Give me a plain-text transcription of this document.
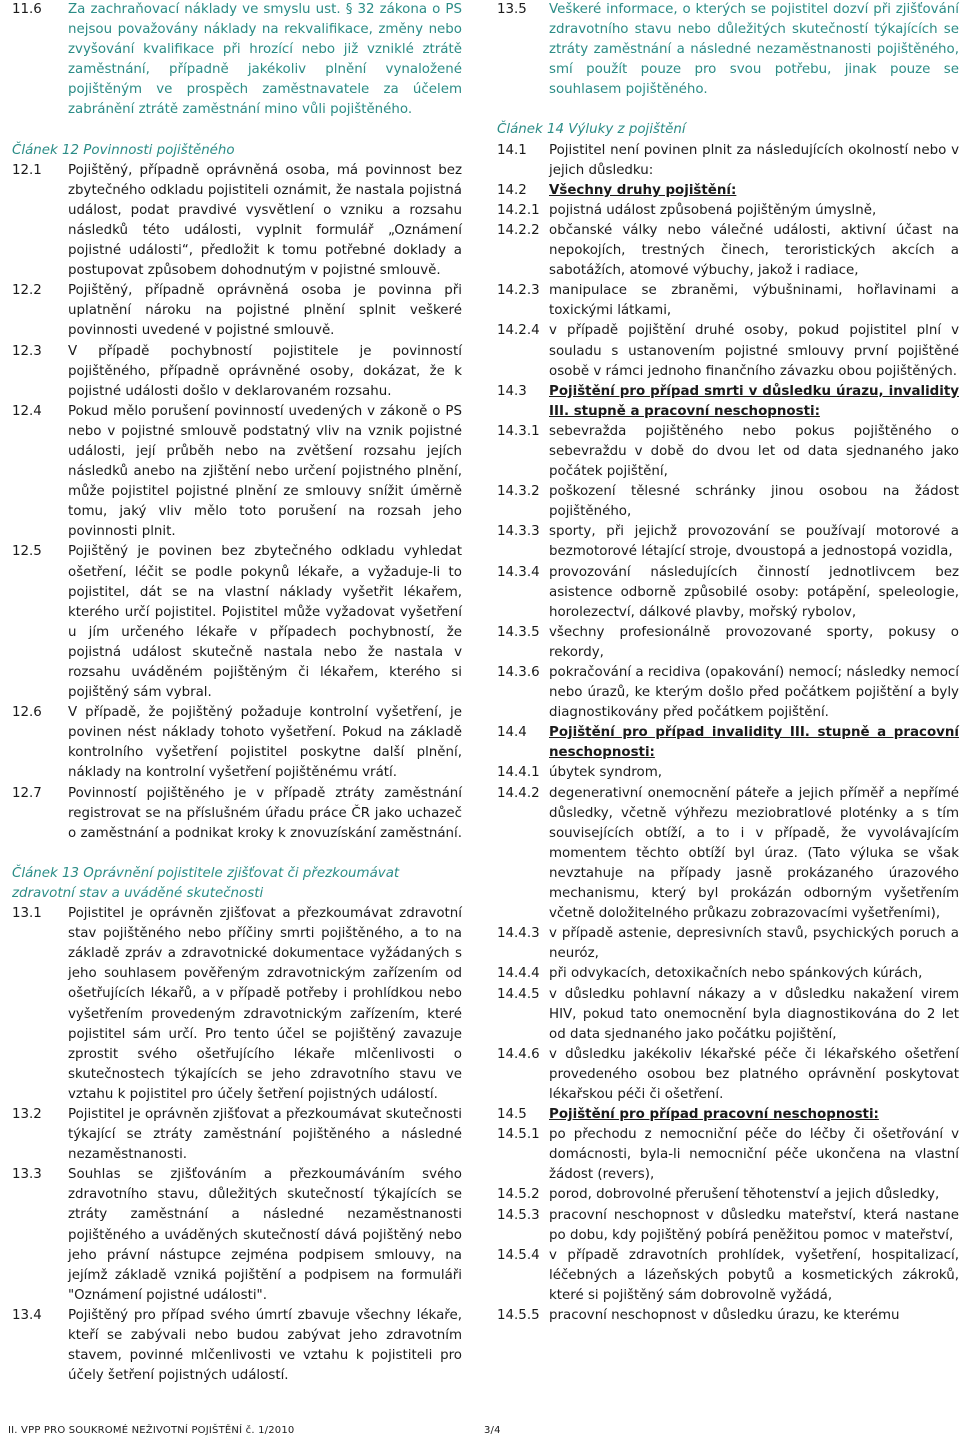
11.6	Za zachraňovací náklady ve smyslu ust. § 32 zákona o PS nejsou považovány náklady na rekvalifikace, změny nebo zvyšování kvalifikace při hrozící nebo již vzniklé ztrátě zaměstnání, případně jakékoliv plnění vynaložené pojištěným ve prospěch zaměstnavatele za účelem zabránění ztrátě zaměstnání mino vůli pojištěného.
Článek 12 Povinnosti pojištěného
12.1	Pojištěný, případně oprávněná osoba, má povinnost bez zbytečného odkladu pojistiteli oznámit, že nastala pojistná událost, podat pravdivé vysvětlení o vzniku a rozsahu následků této události, vyplnit formulář „Oznámení pojistné události“, předložit k tomu potřebné doklady a postupovat způsobem dohodnutým v pojistné smlouvě.
12.2	Pojištěný, případně oprávněná osoba je povinna při uplatnění nároku na pojistné plnění splnit veškeré povinnosti uvedené v pojistné smlouvě.
12.3	V případě pochybností pojistitele je povinností pojištěného, případně oprávněné osoby, dokázat, že k pojistné události došlo v deklarovaném rozsahu.
12.4	Pokud mělo porušení povinností uvedených v zákoně o PS nebo v pojistné smlouvě podstatný vliv na vznik pojistné události, její průběh nebo na zvětšení rozsahu jejích následků anebo na zjištění nebo určení pojistného plnění, může pojistitel pojistné plnění ze smlouvy snížit úměrně tomu, jaký vliv mělo toto porušení na rozsah jeho povinnosti plnit.
12.5	Pojištěný je povinen bez zbytečného odkladu vyhledat ošetření, léčit se podle pokynů lékaře, a vyžaduje-li to pojistitel, dát se na vlastní náklady vyšetřit lékařem, kterého určí pojistitel. Pojistitel může vyžadovat vyšetření u jím určeného lékaře v případech pochybností, že pojistná událost skutečně nastala nebo že nastala v rozsahu uváděném pojištěným či lékařem, kterého si pojištěný sám vybral.
12.6	V případě, že pojištěný požaduje kontrolní vyšetření, je povinen nést náklady tohoto vyšetření. Pokud na základě kontrolního vyšetření pojistitel poskytne další plnění, náklady na kontrolní vyšetření pojištěnému vrátí.
12.7	Povinností pojištěného je v případě ztráty zaměstnání registrovat se na příslušném úřadu práce ČR jako uchazeč o zaměstnání a podnikat kroky k znovuzískání zaměstnání.
Článek 13 Oprávnění pojistitele zjišťovat či přezkoumávat zdravotní stav a uváděné skutečnosti
13.1	Pojistitel je oprávněn zjišťovat a přezkoumávat zdravotní stav pojištěného nebo příčiny smrti pojištěného, a to na základě zpráv a zdravotnické dokumentace vyžádaných s jeho souhlasem pověřeným zdravotnickým zařízením od ošetřujících lékařů, a v případě potřeby i prohlídkou nebo vyšetřením provedeným zdravotnickým zařízením, které pojistitel sám určí. Pro tento účel se pojištěný zavazuje zprostit svého ošetřujícího lékaře mlčenlivosti o skutečnostech týkajících se jeho zdravotního stavu ve vztahu k pojistitel pro účely šetření pojistných událostí.
13.2	Pojistitel je oprávněn zjišťovat a přezkoumávat skutečnosti týkající se ztráty zaměstnání pojištěného a následné nezaměstnanosti.
13.3	Souhlas se zjišťováním a přezkoumáváním svého zdravotního stavu, důležitých skutečností týkajících se ztráty zaměstnání a následné nezaměstnanosti pojištěného a uváděných skutečností dává pojištěný nebo jeho právní nástupce zejména podpisem smlouvy, na jejímž základě vzniká pojištění a podpisem na formuláři "Oznámení pojistné události".
13.4	Pojištěný pro případ svého úmrtí zbavuje všechny lékaře, kteří se zabývali nebo budou zabývat jeho zdravotním stavem, povinné mlčenlivosti ve vztahu k pojistiteli pro účely šetření pojistných událostí.
13.5	Veškeré informace, o kterých se pojistitel dozví při zjišťování zdravotního stavu nebo důležitých skutečností týkajících se ztráty zaměstnání a následné nezaměstnanosti pojištěného, smí použít pouze pro svou potřebu, jinak pouze se souhlasem pojištěného.
Článek 14 Výluky z pojištění
14.1	Pojistitel není povinen plnit za následujících okolností nebo v jejich důsledku:
14.2	Všechny druhy pojištění:
14.2.1 pojistná událost způsobená pojištěným úmyslně,
14.2.2 občanské války nebo válečné události, aktivní účast na nepokojích, trestných činech, teroristických akcích a sabotážích, atomové výbuchy, jakož i radiace,
14.2.3 manipulace se zbraněmi, výbušninami, hořlavinami a toxickými látkami,
14.2.4 v případě pojištění druhé osoby, pokud pojistitel plní v souladu s ustanovením pojistné smlouvy první pojištěné osobě v rámci jednoho finančního závazku obou pojištěných.
14.3	Pojištění pro případ smrti v důsledku úrazu, invalidity III. stupně a pracovní neschopnosti:
14.3.1 sebevražda pojištěného nebo pokus pojištěného o sebevraždu v době do dvou let od data sjednaného jako počátek pojištění,
14.3.2 poškození tělesné schránky jinou osobou na žádost pojištěného,
14.3.3 sporty, při jejichž provozování se používají motorové a bezmotorové létající stroje, dvoustopá a jednostopá vozidla,
14.3.4 provozování následujících činností jednotlivcem bez asistence odborně způsobilé osoby: potápění, speleologie, horolezectví, dálkové plavby, mořský rybolov,
14.3.5 všechny profesionálně provozované sporty, pokusy o rekordy,
14.3.6 pokračování a recidiva (opakování) nemocí; následky nemocí nebo úrazů, ke kterým došlo před počátkem pojištění a byly diagnostikovány před počátkem pojištění.
14.4	Pojištění pro případ invalidity III. stupně a pracovní neschopnosti:
14.4.1 úbytek syndrom,
14.4.2 degenerativní onemocnění páteře a jejich příměř a nepřímé důsledky, včetně výhřezu meziobratlové ploténky a s tím souvisejících obtíží, a to i v případě, že vyvolávajícím momentem těchto obtíží byl úraz. (Tato výluka se však nevztahuje na případy jasně prokázaného úrazového mechanismu, který byl prokázán odborným vyšetřením včetně doložitelného průkazu zobrazovacími vyšetřeními),
14.4.3 v případě astenie, depresivních stavů, psychických poruch a neuróz,
14.4.4 při odvykacích, detoxikačních nebo spánkových kúrách,
14.4.5 v důsledku pohlavní nákazy a v důsledku nakažení virem HIV, pokud tato onemocnění byla diagnostikována do 2 let od data sjednaného jako počátku pojištění,
14.4.6 v důsledku jakékoliv lékařské péče či lékařského ošetření provedeného osobou bez platného oprávnění poskytovat lékařskou péči či ošetření.
14.5	Pojištění pro případ pracovní neschopnosti:
14.5.1 po přechodu z nemocniční péče do léčby či ošetřování v domácnosti, byla-li nemocniční péče ukončena na vlastní žádost (revers),
14.5.2 porod, dobrovolné přerušení těhotenství a jejich důsledky,
14.5.3 pracovní neschopnost v důsledku mateřství, která nastane po dobu, kdy pojištěný pobírá peněžitou pomoc v mateřství,
14.5.4 v případě zdravotních prohlídek, vyšetření, hospitalizací, léčebných a lázeňských pobytů a kosmetických zákroků, které si pojištěný sám dobrovolně vyžádá,
14.5.5 pracovní neschopnost v důsledku úrazu, ke kterému
II. VPP PRO SOUKROMÉ NEŽIVOTNÍ POJIŠTĚNÍ č. 1/2010	3/4
